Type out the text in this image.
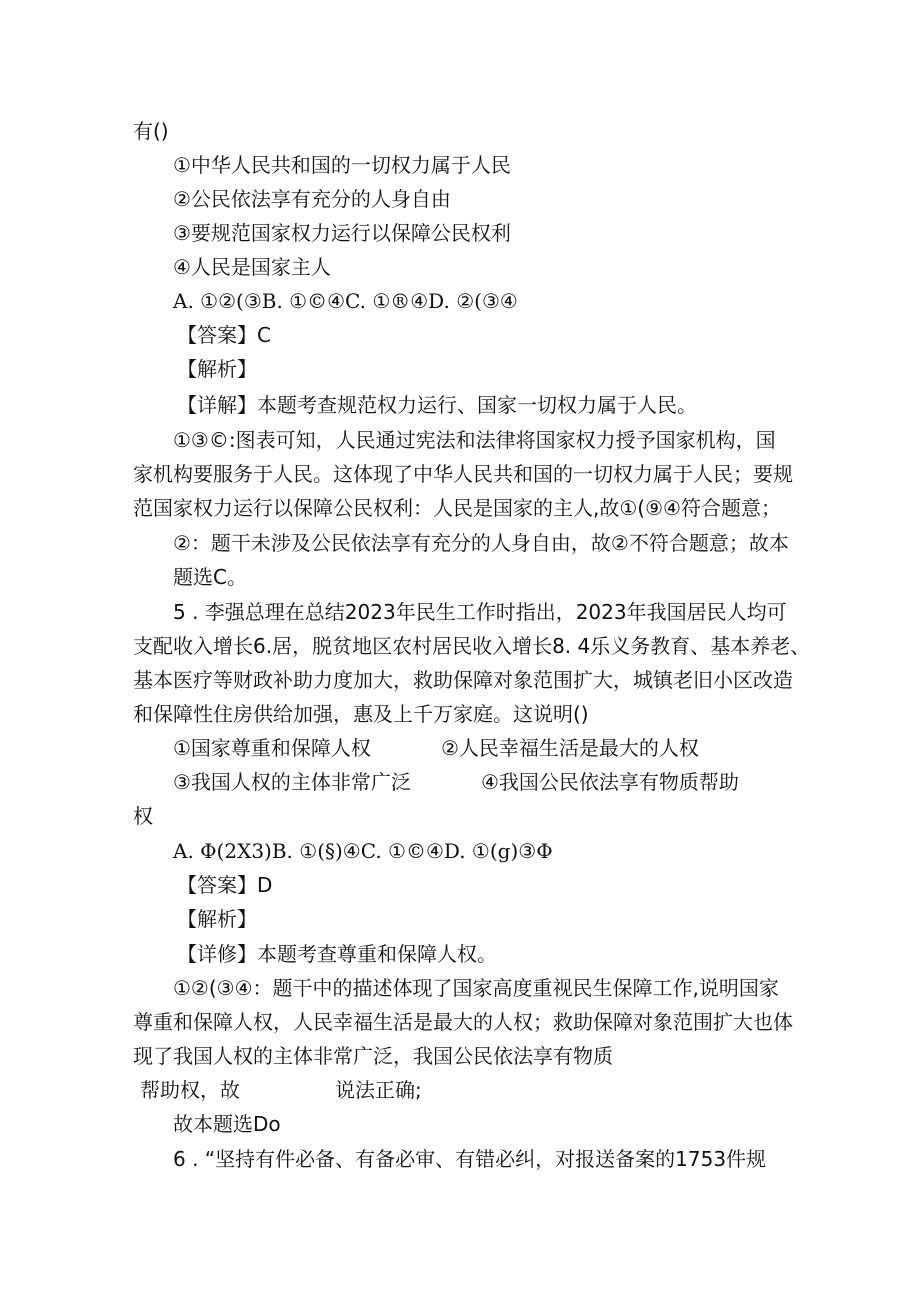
有()
①中华人民共和国的一切权力属于人民
②公民依法享有充分的人身自由
③要规范国家权力运行以保障公民权利
④人民是国家主人
A. ①②(③B. ①©④C. ①®④D. ②(③④
【答案】C
【解析】
【详解】本题考查规范权力运行、国家一切权力属于人民。
①③©:图表可知，人民通过宪法和法律将国家权力授予国家机构，国
家机构要服务于人民。这体现了中华人民共和国的一切权力属于人民；要规
范国家权力运行以保障公民权利：人民是国家的主人,故①(⑨④符合题意；
②：题干未涉及公民依法享有充分的人身自由，故②不符合题意；故本
题选C。
5 . 李强总理在总结2023年民生工作时指出，2023年我国居民人均可
支配收入增长6.居，脱贫地区农村居民收入增长8. 4乐义务教育、基本养老、
基本医疗等财政补助力度加大，救助保障对象范围扩大，城镇老旧小区改造
和保障性住房供给加强，惠及上千万家庭。这说明()
①国家尊重和保障人权	②人民幸福生活是最大的人权
③我国人权的主体非常广泛	④我国公民依法享有物质帮助
权
A. Φ(2X3)B. ①(§)④C. ①©④D. ①(g)③Φ
【答案】D
【解析】
【详修】本题考查尊重和保障人权。
①②(③④：题干中的描述体现了国家高度重视民生保障工作,说明国家
尊重和保障人权，人民幸福生活是最大的人权；救助保障对象范围扩大也体
现了我国人权的主体非常广泛，我国公民依法享有物质
帮助权，故	说法正确;
故本题选Do
6 . “坚持有件必备、有备必审、有错必纠，对报送备案的1753件规
